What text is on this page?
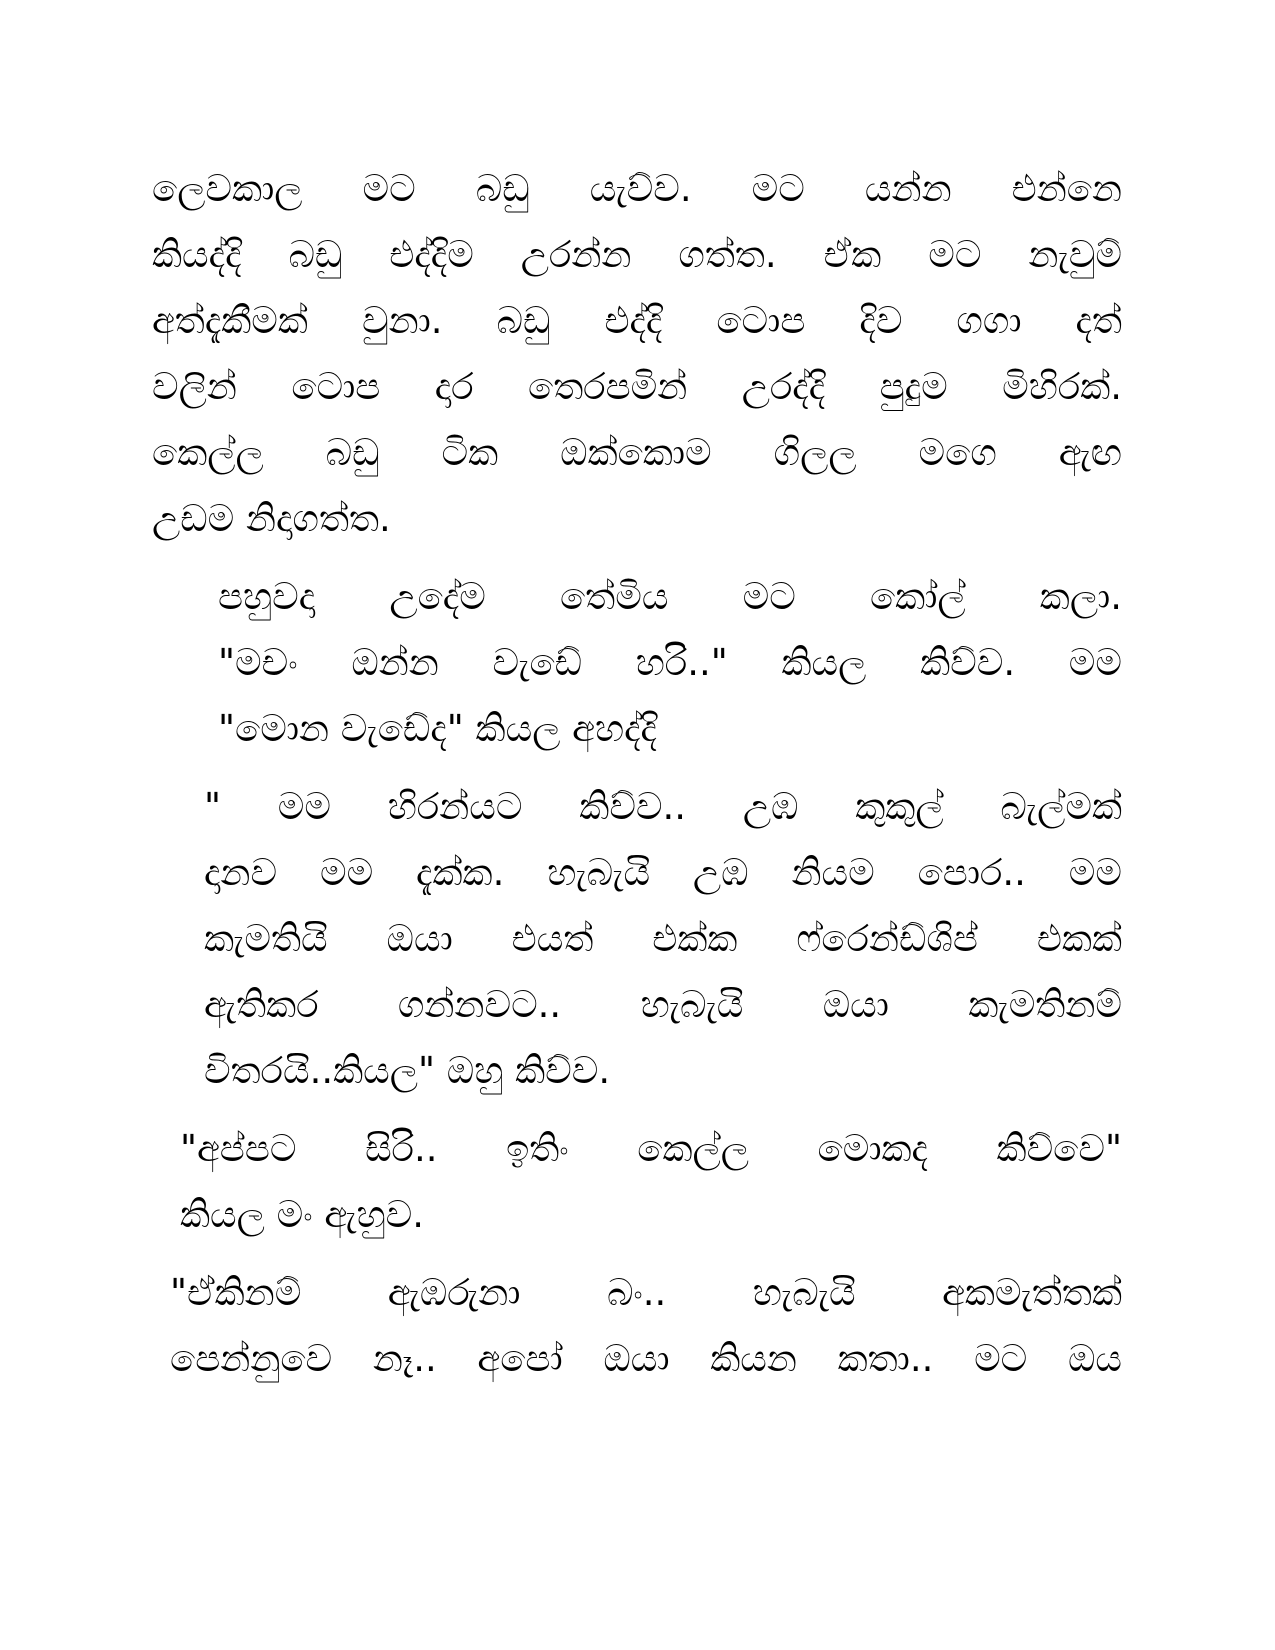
ලෙවකාල මට බඩු යැව්ව. මට යන්න එන්නෙ
කියද්දි බඩු එද්දිම උරන්න ගත්ත. ඒක මට නැවුම්
අත්දැකීමක් වුනා. බඩු එද්දි ටොප දිව ගගා දත්
වලින් ටොප දාර තෙරපමින් උරද්දි පුදුම මිහිරක්.
කෙල්ල බඩු ටික ඔක්කොම ගිලල මගෙ ඇඟ
උඩම නිදාගත්ත.

පහුවදා උදේම තේමිය මට කෝල් කලා.
"මචං ඔන්න වැඩේ හරි.." කියල කිව්ව. මම
"මොන වැඩේද" කියල අහද්දි

" මම හිරන්යට කිව්ව.. උඹ කුකුල් බැල්මක්
දානව මම දැක්ක. හැබැයි උඹ නියම පොර.. මම
කැමතියි ඔයා එයත් එක්ක ෆ්රෙන්ඩ්ශිප් එකක්
ඇතිකර ගන්නවට.. හැබැයි ඔයා කැමතිනම්
විතරයි..කියල" ඔහු කිව්ව.

"අප්පට සිරි.. ඉතිං කෙල්ල මොකද කිව්වෙ"
කියල මං ඇහුව.

"ඒකිනම් ඇඹරුනා බං.. හැබැයි අකමැත්තක්
පෙන්නුවෙ නෑ.. අපෝ ඔයා කියන කතා.. මට ඔය
